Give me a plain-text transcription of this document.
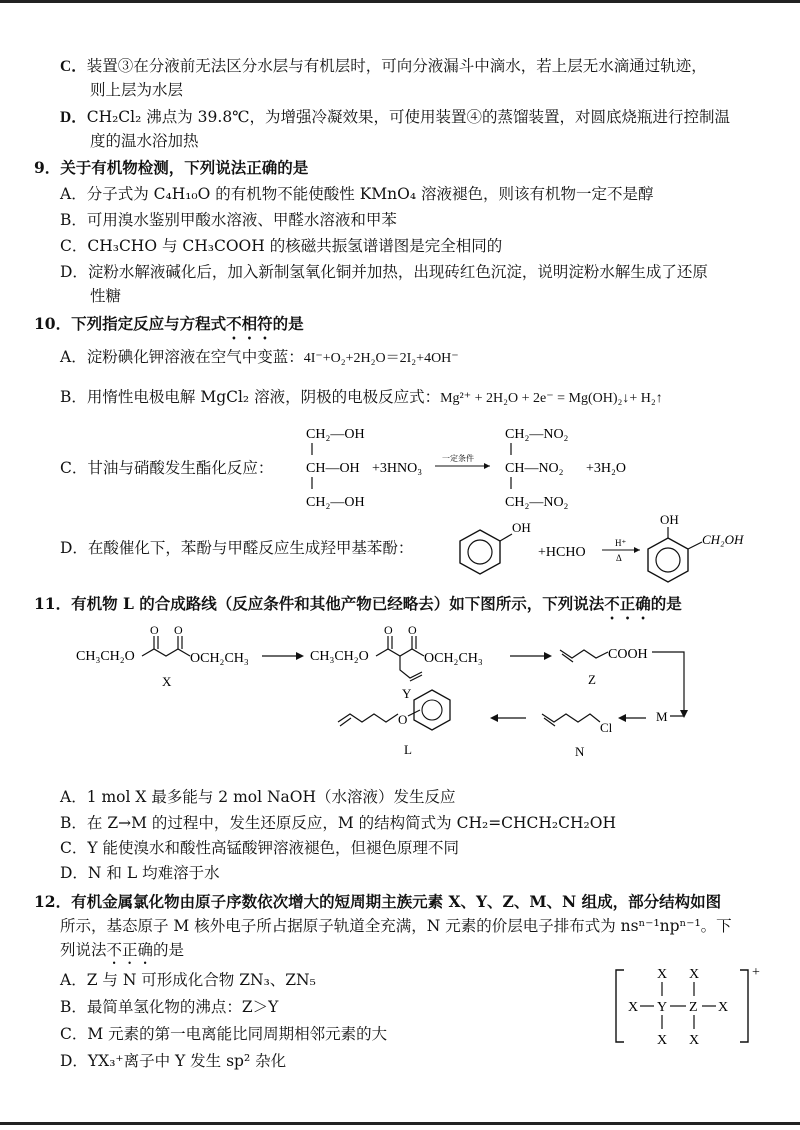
C．装置③在分液前无法区分水层与有机层时，可向分液漏斗中滴水，若上层无水滴通过轨迹，
则上层为水层
D．CH₂Cl₂ 沸点为 39.8℃，为增强冷凝效果，可使用装置④的蒸馏装置，对圆底烧瓶进行控制温
度的温水浴加热
9．关于有机物检测，下列说法正确的是
A．分子式为 C₄H₁₀O 的有机物不能使酸性 KMnO₄ 溶液褪色，则该有机物一定不是醇
B．可用溴水鉴别甲酸水溶液、甲醛水溶液和甲苯
C．CH₃CHO 与 CH₃COOH 的核磁共振氢谱谱图是完全相同的
D．淀粉水解液碱化后，加入新制氢氧化铜并加热，出现砖红色沉淀，说明淀粉水解生成了还原
性糖
10．下列指定反应与方程式不相符的是
A．淀粉碘化钾溶液在空气中变蓝：4I⁻+O₂+2H₂O＝2I₂+4OH⁻
B．用惰性电极电解 MgCl₂ 溶液，阴极的电极反应式：Mg²⁺ + 2H₂O + 2e⁻ = Mg(OH)₂↓+ H₂↑
C．甘油与硝酸发生酯化反应：
CH₂—OH
CH—OH
CH₂—OH
+3HNO₃
一定条件
CH₂—NO₂
CH—NO₂
CH₂—NO₂
+3H₂O
D．在酸催化下，苯酚与甲醛反应生成羟甲基苯酚：
OH
+HCHO
H⁺
Δ
OH
CH₂OH
11．有机物 L 的合成路线（反应条件和其他产物已经略去）如下图所示，下列说法不正确的是
CH₃CH₂O
O O
OCH₂CH₃
X
CH₃CH₂O
O O
OCH₂CH₃
Y
COOH
Z
M
Cl
N
O
L
A．1 mol X 最多能与 2 mol NaOH（水溶液）发生反应
B．在 Z→M 的过程中，发生还原反应，M 的结构简式为 CH₂=CHCH₂CH₂OH
C．Y 能使溴水和酸性高锰酸钾溶液褪色，但褪色原理不同
D．N 和 L 均难溶于水
12．有机金属氯化物由原子序数依次增大的短周期主族元素 X、Y、Z、M、N 组成，部分结构如图
所示，基态原子 M 核外电子所占据原子轨道全充满，N 元素的价层电子排布式为 nsⁿ⁻¹npⁿ⁻¹。下
列说法不正确的是
A．Z 与 N 可形成化合物 ZN₃、ZN₅
B．最简单氢化物的沸点：Z＞Y
C．M 元素的第一电离能比同周期相邻元素的大
D．YX₃⁺离子中 Y 发生 sp² 杂化
+
X X
X Y Z X
X X
